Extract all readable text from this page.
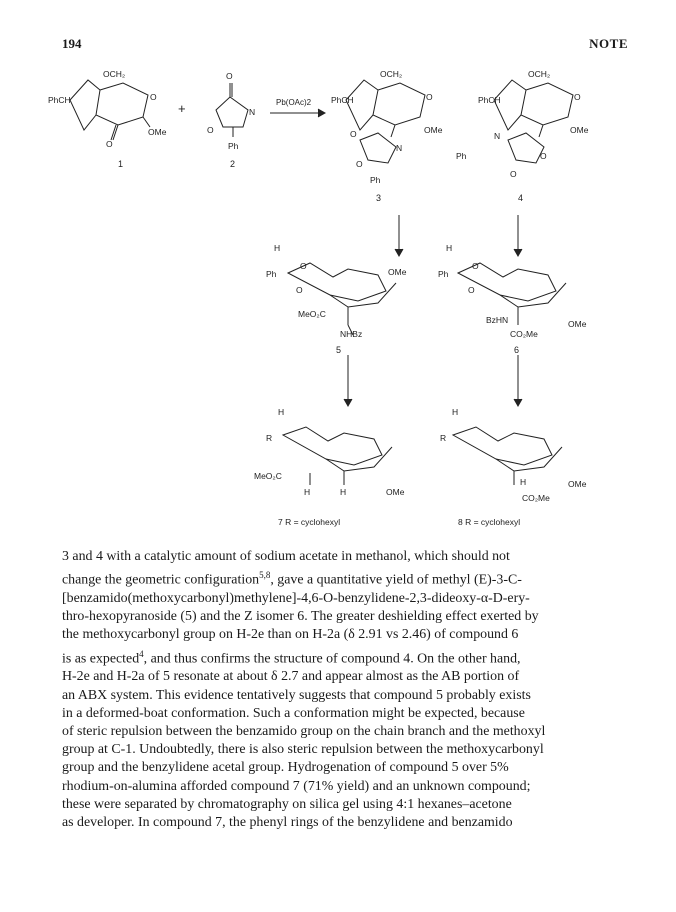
194	NOTE
OCH₂
PhCH	O
OMe
O
1
+
O
N
O
Ph
2
Pb(OAc)2
OCH₂
PhCH	O
OMe
O
N
O
Ph
3
OCH₂
PhCH	O
OMe
N
Ph	O
O
4
H
Ph
O
O
OMe
MeO₂C
NHBz
5
H
Ph
O
O
BzHN
CO₂Me
OMe
6
H
R
MeO₂C
H	H	OMe
7 R = cyclohexyl
H
R
H
CO₂Me
OMe
8 R = cyclohexyl
3 and 4 with a catalytic amount of sodium acetate in methanol, which should not
change the geometric configuration$^{5,8}$, gave a quantitative yield of methyl (E)-3-C-
[benzamido(methoxycarbonyl)methylene]-4,6-O-benzylidene-2,3-dideoxy-α-D-ery-
thro-hexopyranoside (5) and the Z isomer 6. The greater deshielding effect exerted by
the methoxycarbonyl group on H-2e than on H-2a (δ 2.91 vs 2.46) of compound 6
is as expected$^4$, and thus confirms the structure of compound 4. On the other hand,
H-2e and H-2a of 5 resonate at about δ 2.7 and appear almost as the AB portion of
an ABX system. This evidence tentatively suggests that compound 5 probably exists
in a deformed-boat conformation. Such a conformation might be expected, because
of steric repulsion between the benzamido group on the chain branch and the methoxyl
group at C-1. Undoubtedly, there is also steric repulsion between the methoxycarbonyl
group and the benzylidene acetal group. Hydrogenation of compound 5 over 5%
rhodium-on-alumina afforded compound 7 (71% yield) and an unknown compound;
these were separated by chromatography on silica gel using 4:1 hexanes–acetone
as developer. In compound 7, the phenyl rings of the benzylidene and benzamido
